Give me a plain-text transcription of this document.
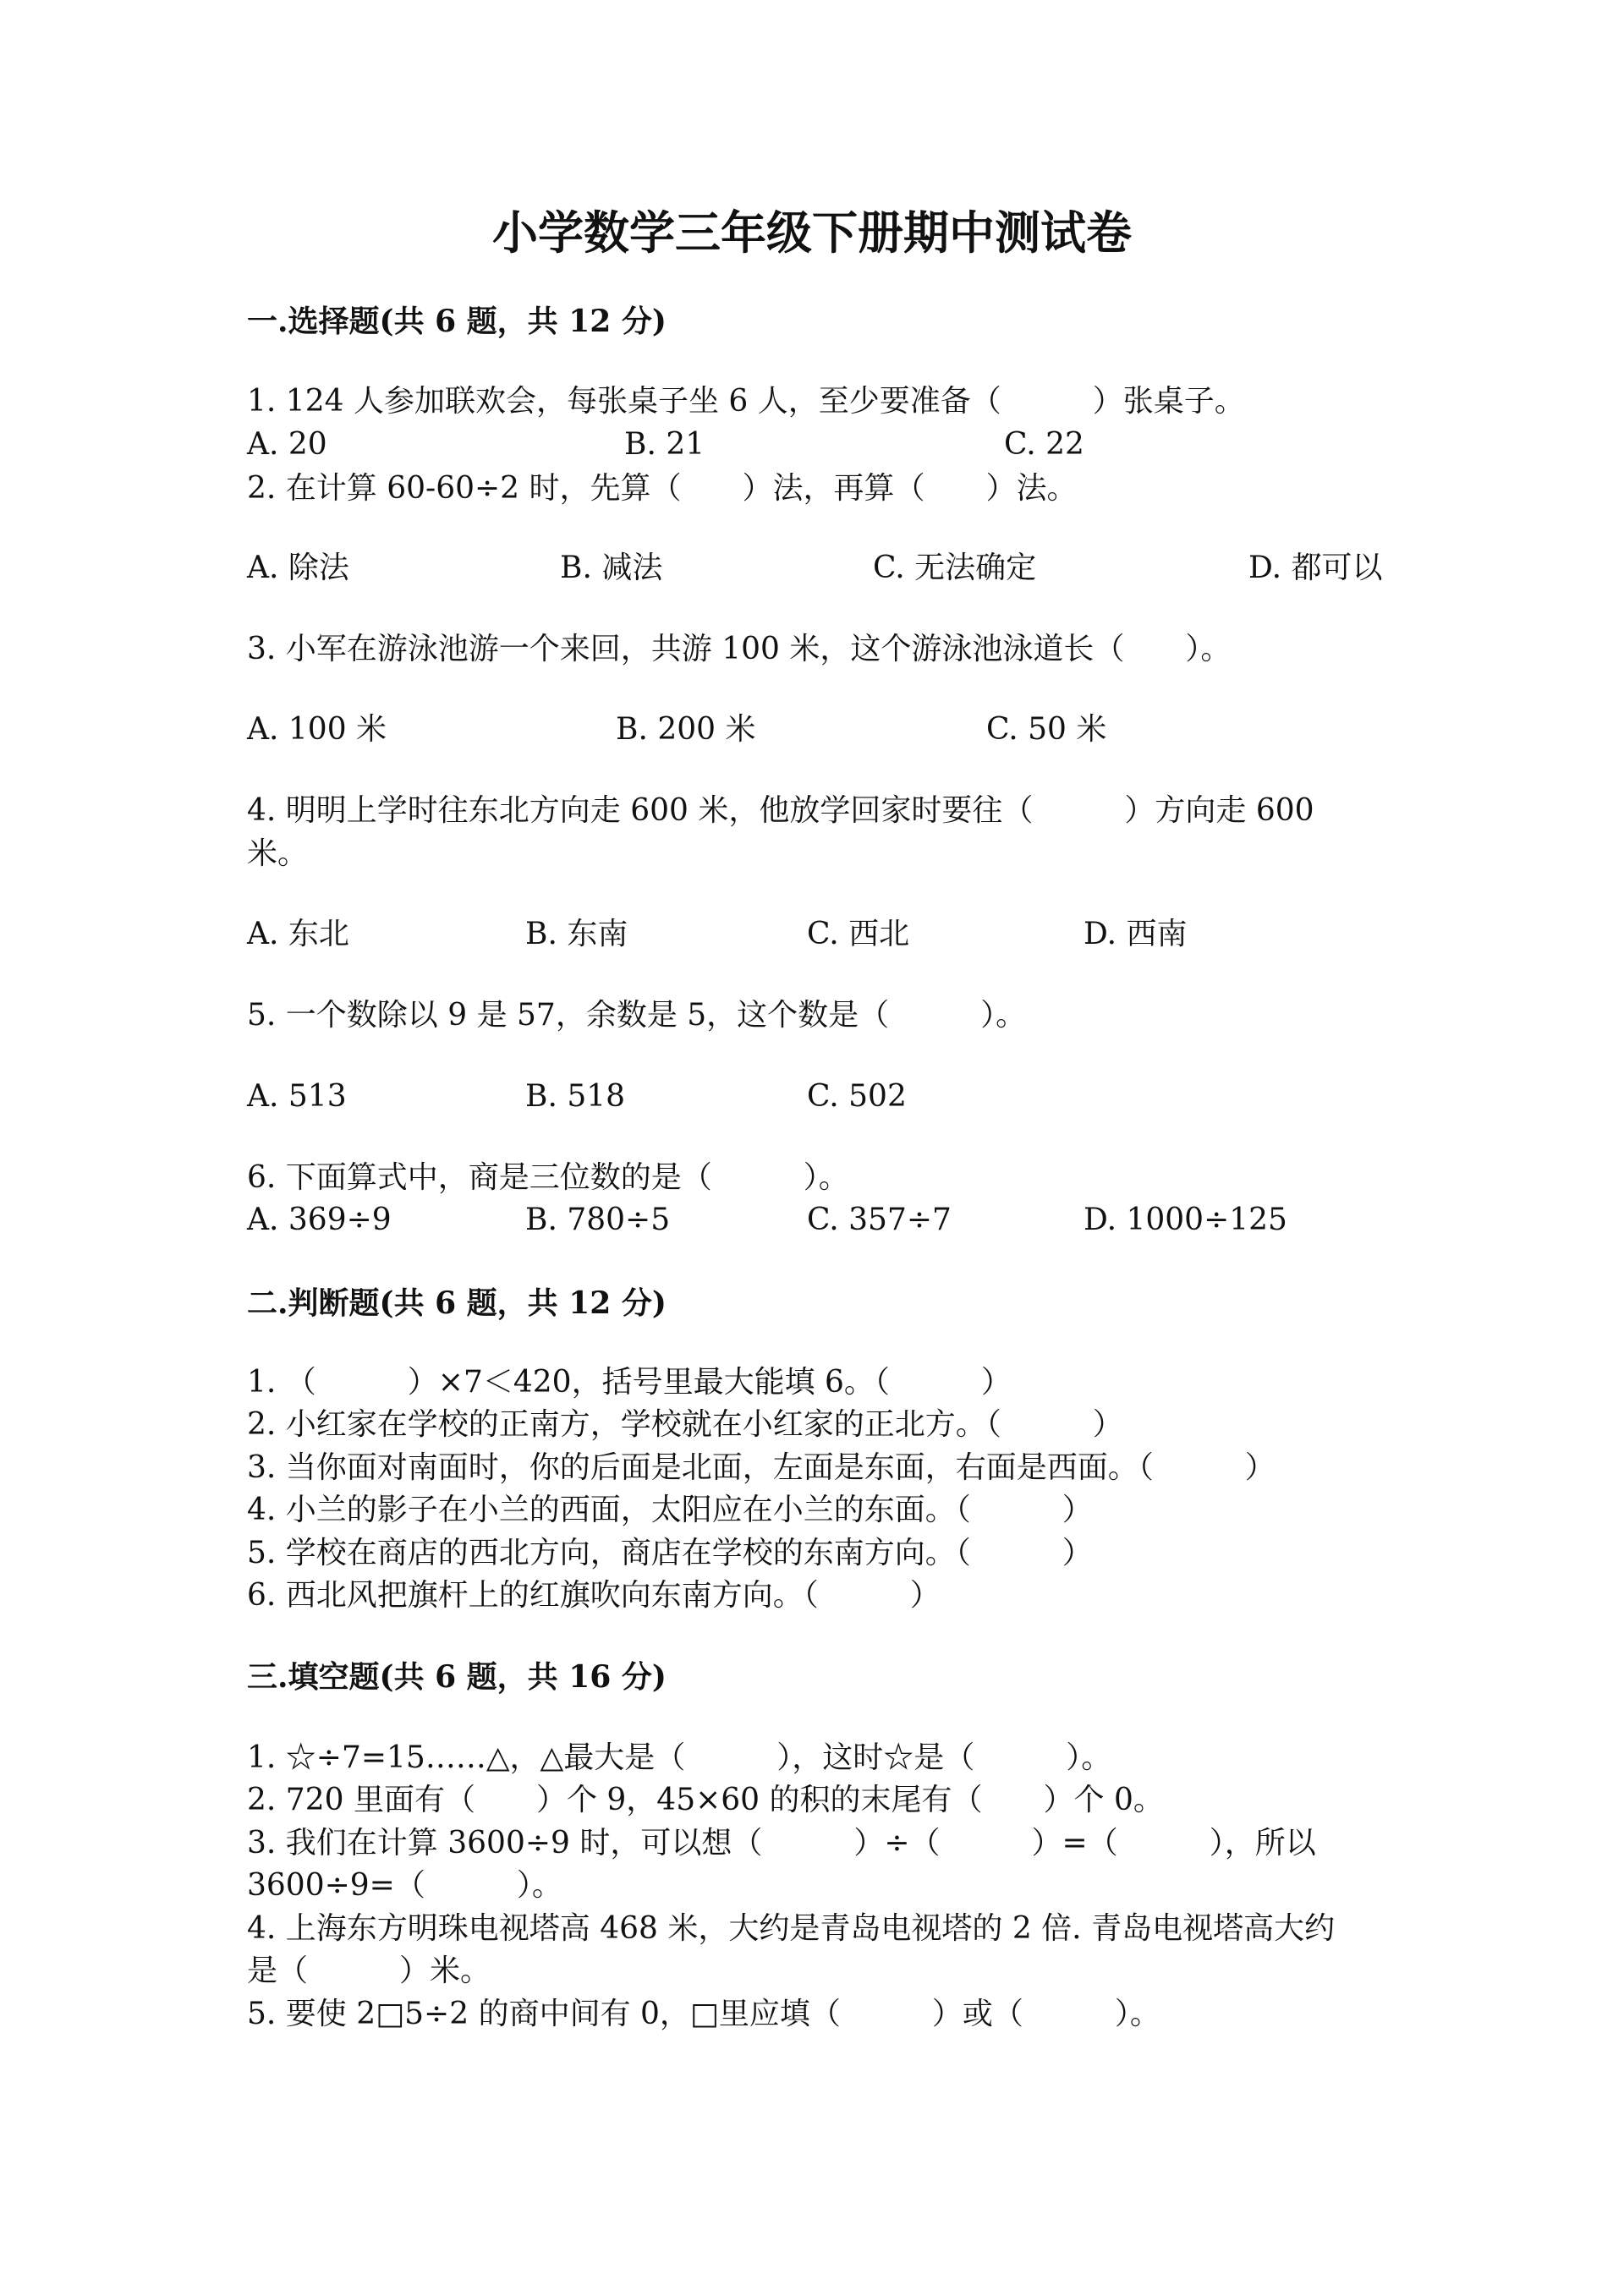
小学数学三年级下册期中测试卷
一.选择题(共 6 题，共 12 分)
1. 124 人参加联欢会，每张桌子坐 6 人，至少要准备（　　　）张桌子。
A. 20	B. 21	C. 22
2. 在计算 60-60÷2 时，先算（　　）法，再算（　　）法。
A. 除法	B. 减法	C. 无法确定	D. 都可以
3. 小军在游泳池游一个来回，共游 100 米，这个游泳池泳道长（　　）。
A. 100 米	B. 200 米	C. 50 米
4. 明明上学时往东北方向走 600 米，他放学回家时要往（　　　）方向走 600
米。
A. 东北	B. 东南	C. 西北	D. 西南
5. 一个数除以 9 是 57，余数是 5，这个数是（　　　）。
A. 513	B. 518	C. 502
6. 下面算式中，商是三位数的是（　　　）。
A. 369÷9	B. 780÷5	C. 357÷7	D. 1000÷125
二.判断题(共 6 题，共 12 分)
1. （　　　）×7＜420，括号里最大能填 6。（　　　）
2. 小红家在学校的正南方，学校就在小红家的正北方。（　　　）
3. 当你面对南面时，你的后面是北面，左面是东面，右面是西面。（　　　）
4. 小兰的影子在小兰的西面，太阳应在小兰的东面。（　　　）
5. 学校在商店的西北方向，商店在学校的东南方向。（　　　）
6. 西北风把旗杆上的红旗吹向东南方向。（　　　）
三.填空题(共 6 题，共 16 分)
1. ☆÷7=15……△，△最大是（　　　），这时☆是（　　　）。
2. 720 里面有（　　）个 9，45×60 的积的末尾有（　　）个 0。
3. 我们在计算 3600÷9 时，可以想（　　　）÷（　　　）=（　　　），所以
3600÷9=（　　　）。
4. 上海东方明珠电视塔高 468 米，大约是青岛电视塔的 2 倍. 青岛电视塔高大约
是（　　　）米。
5. 要使 2□5÷2 的商中间有 0，□里应填（　　　）或（　　　）。
